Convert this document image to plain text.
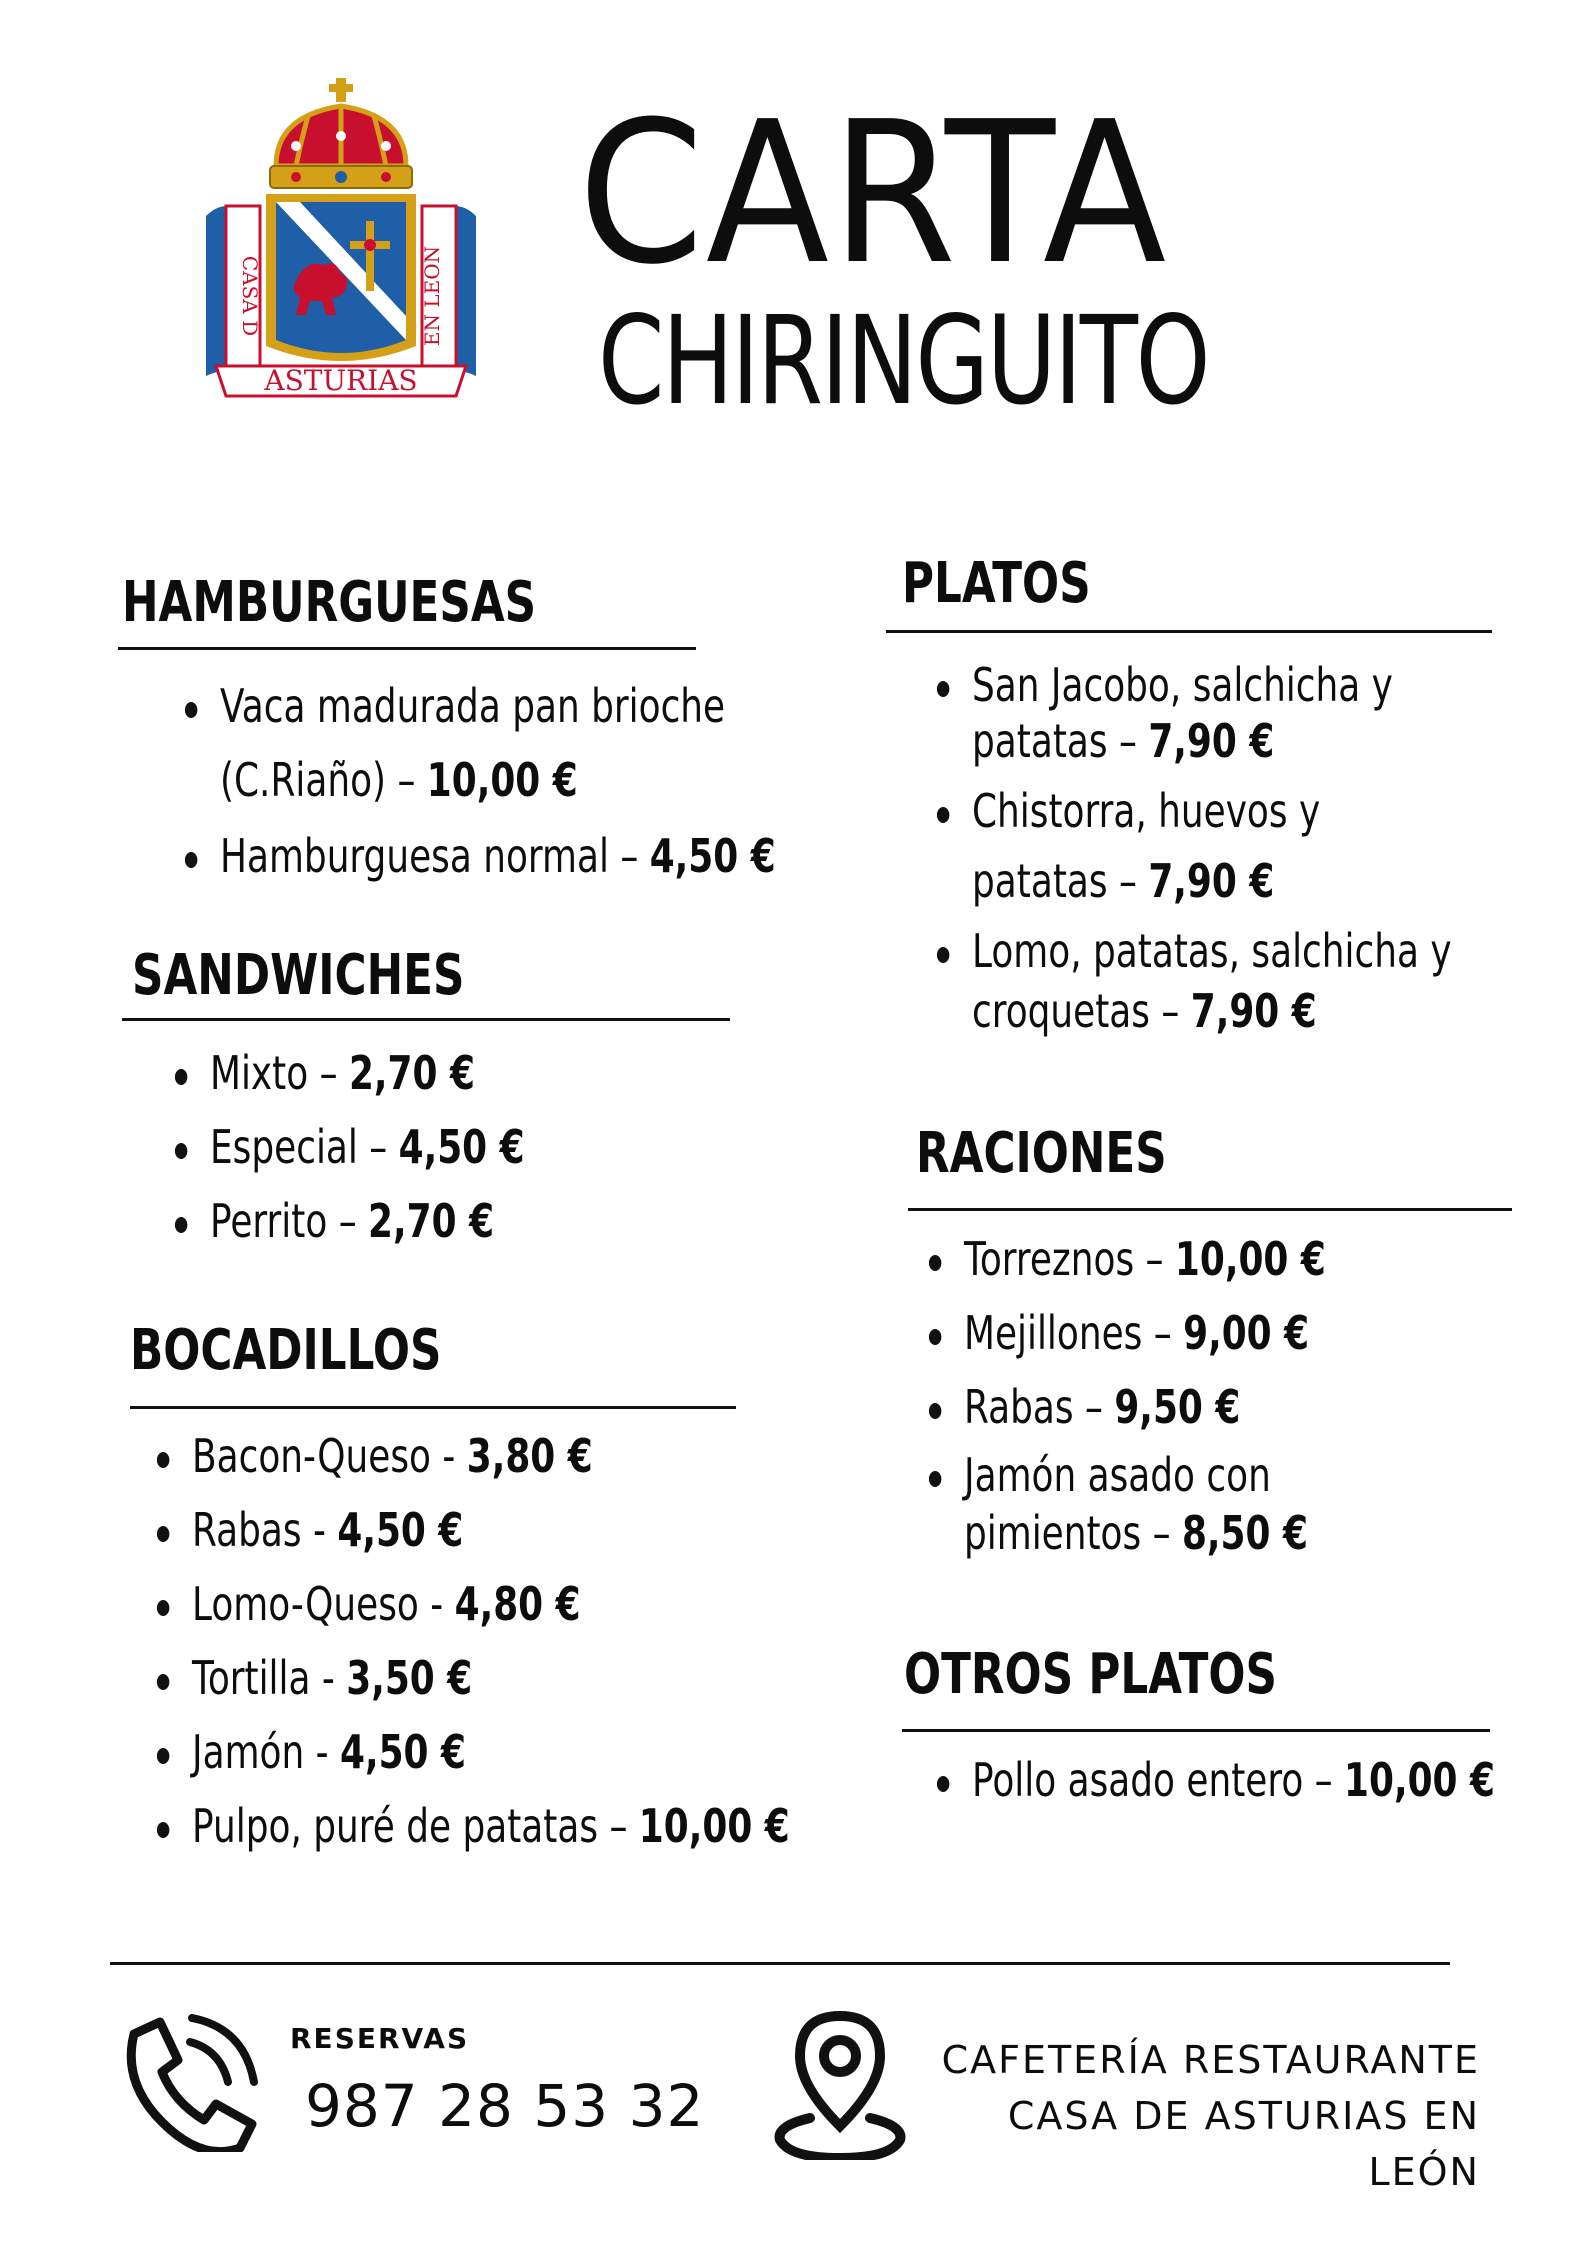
CASA D	EN LEON
ASTURIAS
CARTA
CHIRINGUITO
HAMBURGUESAS
Vaca madurada pan brioche
(C.Riaño) – 10,00 €
Hamburguesa normal – 4,50 €
SANDWICHES
Mixto – 2,70 €
Especial – 4,50 €
Perrito – 2,70 €
BOCADILLOS
Bacon-Queso - 3,80 €
Rabas - 4,50 €
Lomo-Queso - 4,80 €
Tortilla - 3,50 €
Jamón - 4,50 €
Pulpo, puré de patatas – 10,00 €
PLATOS
San Jacobo, salchicha y
patatas – 7,90 €
Chistorra, huevos y
patatas – 7,90 €
Lomo, patatas, salchicha y
croquetas – 7,90 €
RACIONES
Torreznos – 10,00 €
Mejillones – 9,00 €
Rabas – 9,50 €
Jamón asado con
pimientos – 8,50 €
OTROS PLATOS
Pollo asado entero – 10,00 €
RESERVAS
987 28 53 32
CAFETERÍA RESTAURANTE
CASA DE ASTURIAS EN LEÓN
